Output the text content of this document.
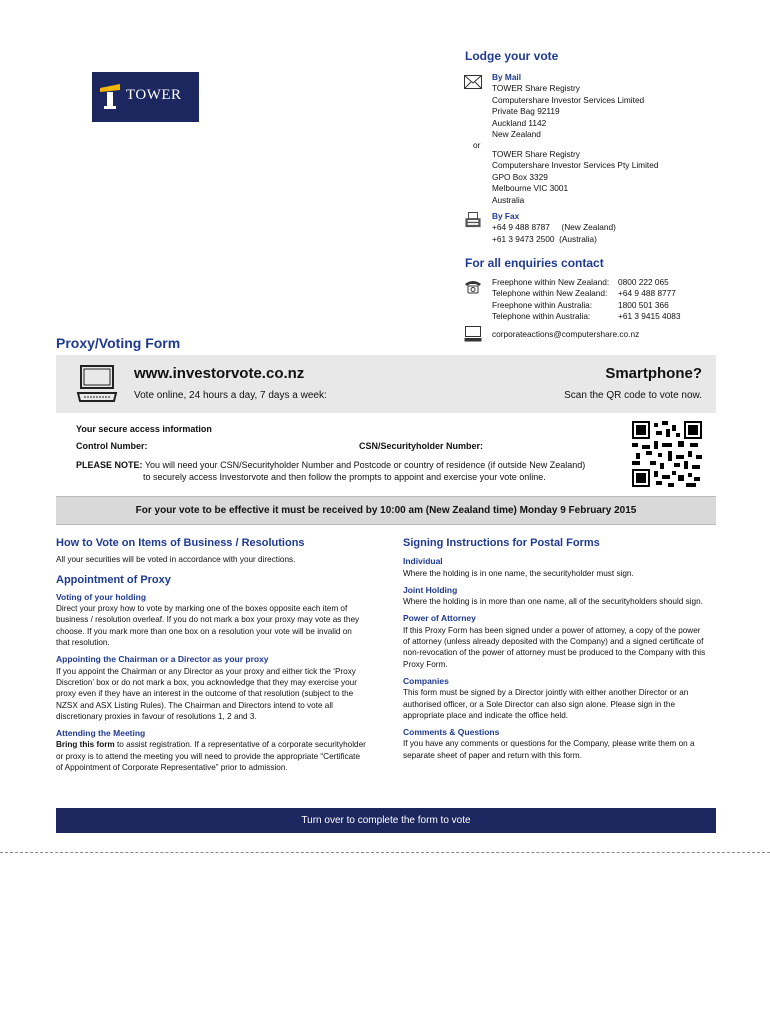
TOWER
Lodge your vote
By Mail
TOWER Share Registry
Computershare Investor Services Limited
Private Bag 92119
Auckland 1142
New Zealand
or
TOWER Share Registry
Computershare Investor Services Pty Limited
GPO Box 3329
Melbourne VIC 3001
Australia
By Fax
+64 9 488 8787     (New Zealand)
+61 3 9473 2500  (Australia)
For all enquiries contact
Freephone within New Zealand:	0800 222 065
Telephone within New Zealand:	+64 9 488 8777
Freephone within Australia:	1800 501 366
Telephone within Australia:	+61 3 9415 4083
corporateactions@computershare.co.nz
Proxy/Voting Form
www.investorvote.co.nz
Vote online, 24 hours a day, 7 days a week:
Smartphone?
Scan the QR code to vote now.
Your secure access information
Control Number:	CSN/Securityholder Number:
PLEASE NOTE: You will need your CSN/Securityholder Number and Postcode or country of residence (if outside New Zealand)
to securely access Investorvote and then follow the prompts to appoint and exercise your vote online.
For your vote to be effective it must be received by 10:00 am (New Zealand time) Monday 9 February 2015
How to Vote on Items of Business / Resolutions

All your securities will be voted in accordance with your directions.

Appointment of Proxy
Voting of your holding

Direct your proxy how to vote by marking one of the boxes opposite each item of business / resolution overleaf. If you do not mark a box your proxy may vote as they choose. If you mark more than one box on a resolution your vote will be invalid on that resolution.

Appointing the Chairman or a Director as your proxy

If you appoint the Chairman or any Director as your proxy and either tick the ‘Proxy Discretion’ box or do not mark a box, you acknowledge that they may exercise your proxy even if they have an interest in the outcome of that resolution (subject to the NZSX and ASX Listing Rules). The Chairman and Directors intend to vote all discretionary proxies in favour of resolutions 1, 2 and 3.

Attending the Meeting

Bring this form to assist registration. If a representative of a corporate securityholder or proxy is to attend the meeting you will need to provide the appropriate “Certificate of Appointment of Corporate Representative” prior to admission.

Signing Instructions for Postal Forms
Individual

Where the holding is in one name, the securityholder must sign.

Joint Holding

Where the holding is in more than one name, all of the securityholders should sign.

Power of Attorney

If this Proxy Form has been signed under a power of attorney, a copy of the power of attorney (unless already deposited with the Company) and a signed certificate of non-revocation of the power of attorney must be produced to the Company with this Proxy Form.

Companies

This form must be signed by a Director jointly with either another Director or an authorised officer, or a Sole Director can also sign alone. Please sign in the appropriate place and indicate the office held.

Comments & Questions

If you have any comments or questions for the Company, please write them on a separate sheet of paper and return with this form.

Turn over to complete the form to vote
